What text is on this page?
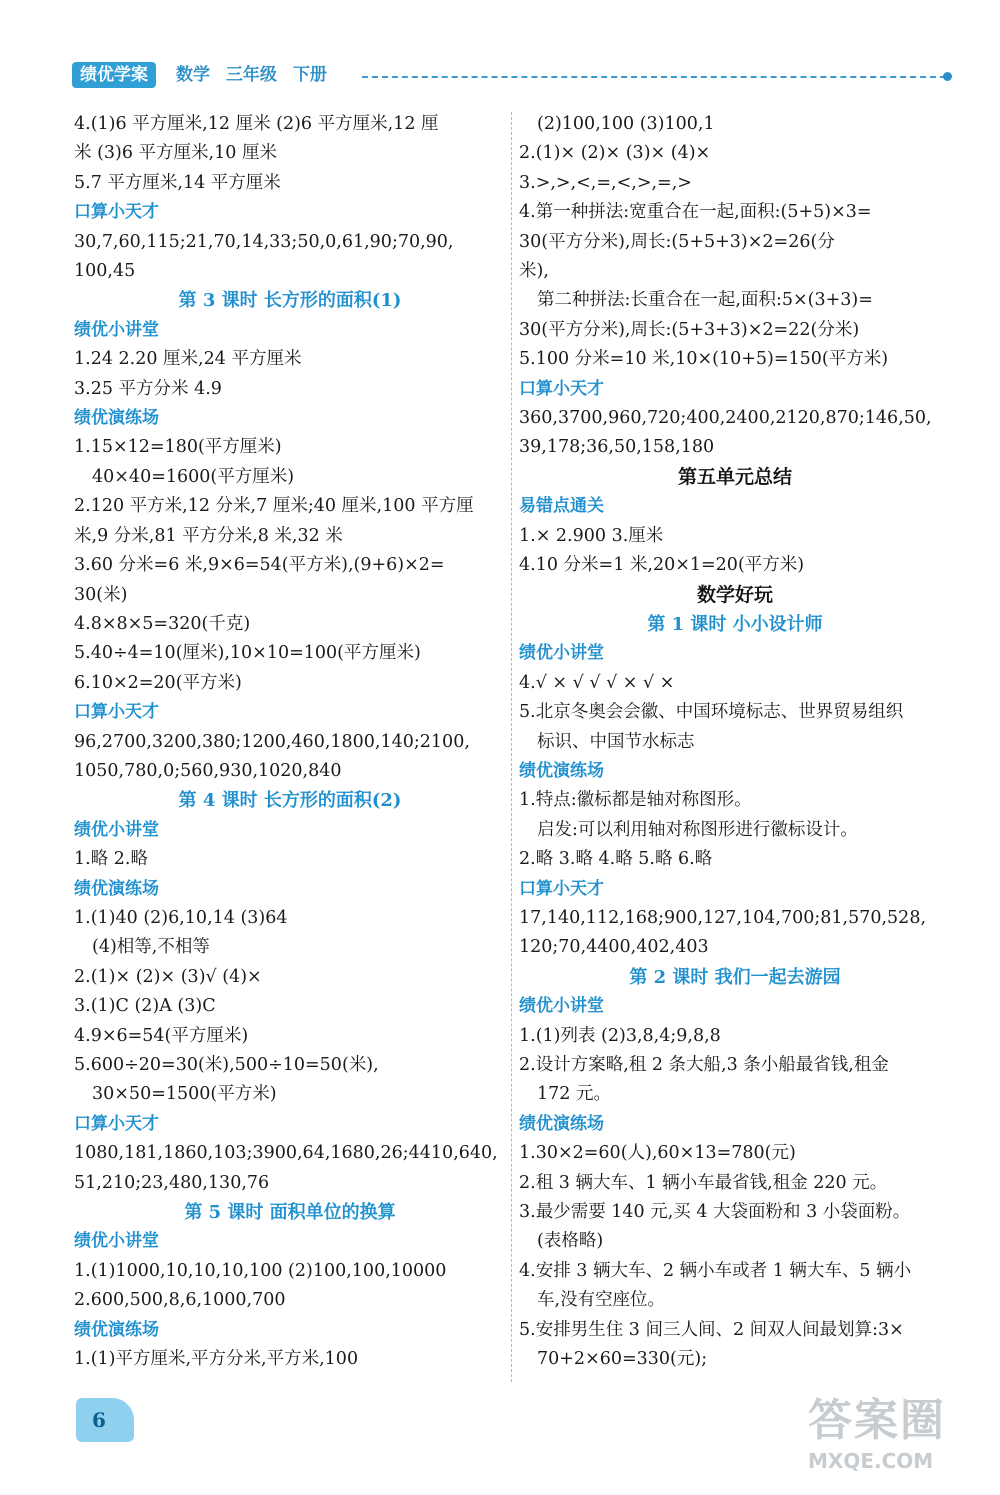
绩优学案	数学 三年级 下册
4.(1)6 平方厘米,12 厘米 (2)6 平方厘米,12 厘
米 (3)6 平方厘米,10 厘米
5.7 平方厘米,14 平方厘米
口算小天才
30,7,60,115;21,70,14,33;50,0,61,90;70,90,
100,45
第 3 课时 长方形的面积(1)
绩优小讲堂
1.24 2.20 厘米,24 平方厘米
3.25 平方分米 4.9
绩优演练场
1.15×12=180(平方厘米)
40×40=1600(平方厘米)
2.120 平方米,12 分米,7 厘米;40 厘米,100 平方厘
米,9 分米,81 平方分米,8 米,32 米
3.60 分米=6 米,9×6=54(平方米),(9+6)×2=
30(米)
4.8×8×5=320(千克)
5.40÷4=10(厘米),10×10=100(平方厘米)
6.10×2=20(平方米)
口算小天才
96,2700,3200,380;1200,460,1800,140;2100,
1050,780,0;560,930,1020,840
第 4 课时 长方形的面积(2)
绩优小讲堂
1.略 2.略
绩优演练场
1.(1)40 (2)6,10,14 (3)64
(4)相等,不相等
2.(1)× (2)× (3)√ (4)×
3.(1)C (2)A (3)C
4.9×6=54(平方厘米)
5.600÷20=30(米),500÷10=50(米),
30×50=1500(平方米)
口算小天才
1080,181,1860,103;3900,64,1680,26;4410,640,
51,210;23,480,130,76
第 5 课时 面积单位的换算
绩优小讲堂
1.(1)1000,10,10,10,100 (2)100,100,10000
2.600,500,8,6,1000,700
绩优演练场
1.(1)平方厘米,平方分米,平方米,100
(2)100,100 (3)100,1
2.(1)× (2)× (3)× (4)×
3.>,>,<,=,<,>,=,>
4.第一种拼法:宽重合在一起,面积:(5+5)×3=
30(平方分米),周长:(5+5+3)×2=26(分
米),
第二种拼法:长重合在一起,面积:5×(3+3)=
30(平方分米),周长:(5+3+3)×2=22(分米)
5.100 分米=10 米,10×(10+5)=150(平方米)
口算小天才
360,3700,960,720;400,2400,2120,870;146,50,
39,178;36,50,158,180
第五单元总结
易错点通关
1.× 2.900 3.厘米
4.10 分米=1 米,20×1=20(平方米)
数学好玩
第 1 课时 小小设计师
绩优小讲堂
4.√ × √ √ √ × √ ×
5.北京冬奥会会徽、中国环境标志、世界贸易组织
标识、中国节水标志
绩优演练场
1.特点:徽标都是轴对称图形。
启发:可以利用轴对称图形进行徽标设计。
2.略 3.略 4.略 5.略 6.略
口算小天才
17,140,112,168;900,127,104,700;81,570,528,
120;70,4400,402,403
第 2 课时 我们一起去游园
绩优小讲堂
1.(1)列表 (2)3,8,4;9,8,8
2.设计方案略,租 2 条大船,3 条小船最省钱,租金
172 元。
绩优演练场
1.30×2=60(人),60×13=780(元)
2.租 3 辆大车、1 辆小车最省钱,租金 220 元。
3.最少需要 140 元,买 4 大袋面粉和 3 小袋面粉。
(表格略)
4.安排 3 辆大车、2 辆小车或者 1 辆大车、5 辆小
车,没有空座位。
5.安排男生住 3 间三人间、2 间双人间最划算:3×
70+2×60=330(元);
6	答案圈
MXQE.COM
